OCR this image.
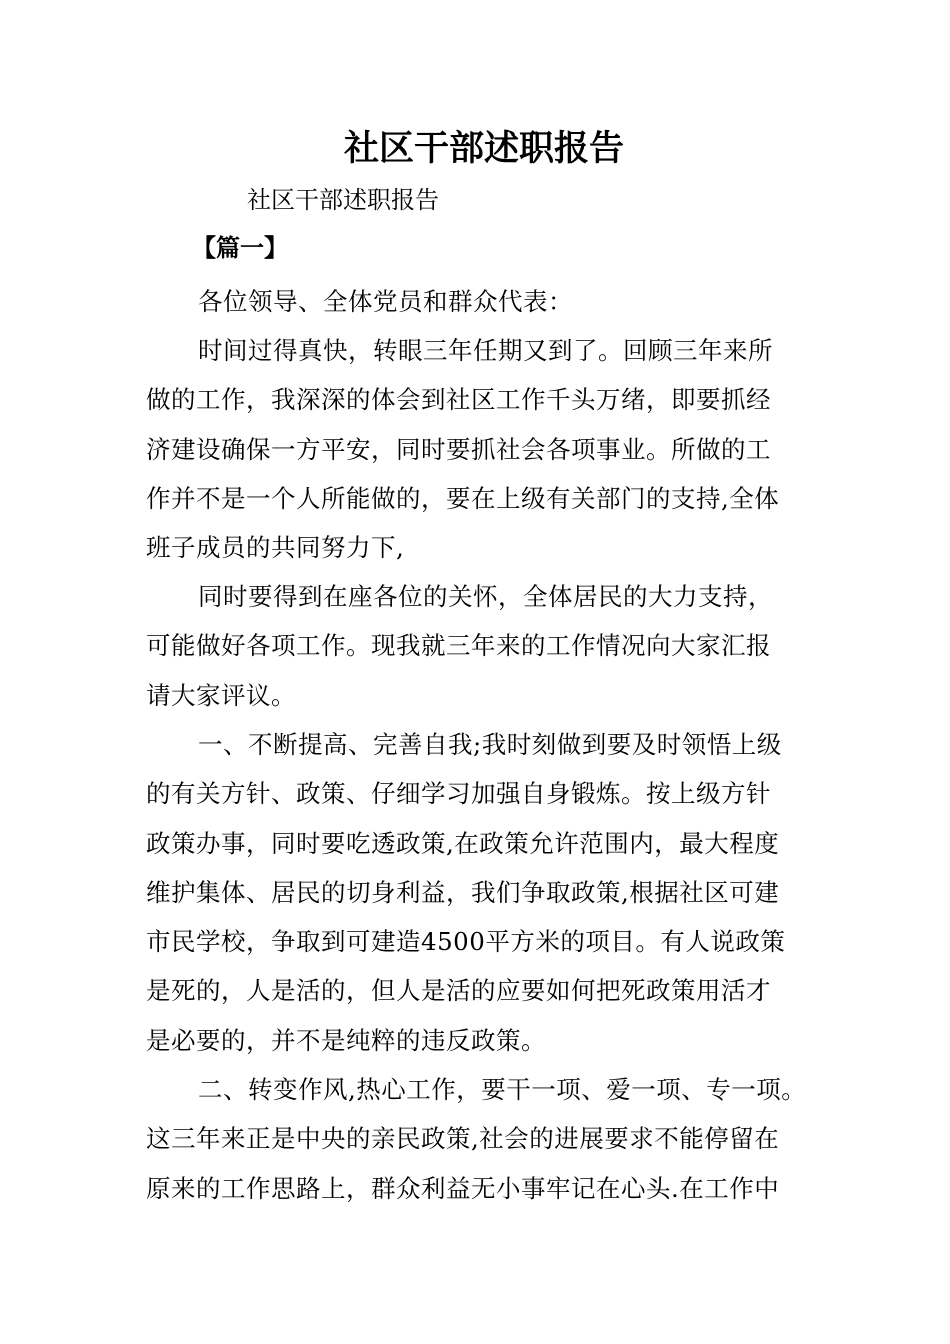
社区干部述职报告

社区干部述职报告

【篇一】

各位领导、全体党员和群众代表：

时间过得真快，转眼三年任期又到了。回顾三年来所
做的工作，我深深的体会到社区工作千头万绪，即要抓经
济建设确保一方平安，同时要抓社会各项事业。所做的工
作并不是一个人所能做的，要在上级有关部门的支持,全体
班子成员的共同努力下,

同时要得到在座各位的关怀，全体居民的大力支持，
可能做好各项工作。现我就三年来的工作情况向大家汇报
请大家评议。

一、不断提高、完善自我;我时刻做到要及时领悟上级
的有关方针、政策、仔细学习加强自身锻炼。按上级方针
政策办事，同时要吃透政策,在政策允许范围内，最大程度
维护集体、居民的切身利益，我们争取政策,根据社区可建
市民学校，争取到可建造4500平方米的项目。有人说政策
是死的，人是活的，但人是活的应要如何把死政策用活才
是必要的，并不是纯粹的违反政策。

二、转变作风,热心工作，要干一项、爱一项、专一项。
这三年来正是中央的亲民政策,社会的进展要求不能停留在
原来的工作思路上，群众利益无小事牢记在心头.在工作中
